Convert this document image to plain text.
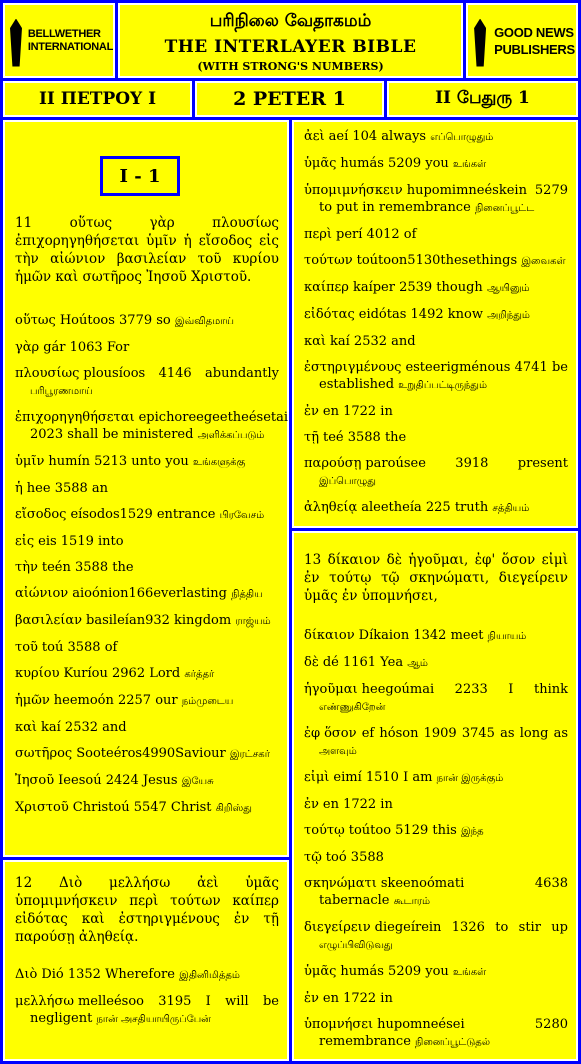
BELLWETHER
INTERNATIONAL
பரிநிலை வேதாகமம்
THE INTERLAYER BIBLE
(WITH STRONG'S NUMBERS)
GOOD NEWS
PUBLISHERS
II ΠΕΤΡΟΥ Ι	2 PETER 1	II பேதுரு 1
I - 1
11 οὕτως γὰρ πλουσίως ἐπιχορηγηθήσεται ὑμῖν ἡ εἴσοδος εἰς τὴν αἰώνιον βασιλείαν τοῦ κυρίου ἡμῶν καὶ σωτῆρος Ἰησοῦ Χριστοῦ.
οὕτως Hoútoos 3779 so இவ்விதமாய்
γὰρ gár 1063 For
πλουσίως plousíoos 4146 abundantly பரிபூரணமாய்
ἐπιχορηγηθήσεται epichoreegeetheésetai 2023 shall be ministered அளிக்கப்படும்
ὑμῖν humín 5213 unto you உங்களுக்கு
ἡ hee 3588 an
εἴσοδος eísodos1529 entrance பிரவேசம்
εἰς eis 1519 into
τὴν teén 3588 the
αἰώνιον aioónion166everlasting நித்திய
βασιλείαν basileían932 kingdom ராஜ்யம்
τοῦ toú 3588 of
κυρίου Kuríou 2962 Lord கர்த்தர்
ἡμῶν heemoón 2257 our நம்முடைய
καὶ kaí 2532 and
σωτῆρος Sooteéros4990Saviour இரட்சகர்
Ἰησοῦ Ieesoú 2424 Jesus இயேசு
Χριστοῦ Christoú 5547 Christ கிறிஸ்து
12 Διὸ μελλήσω ἀεὶ ὑμᾶς ὑπομιμνήσκειν περὶ τούτων καίπερ εἰδότας καὶ ἐστηριγμένους ἐν τῇ παρούσῃ ἀληθείᾳ.
Διὸ Dió 1352 Wherefore இதினிமித்தம்
μελλήσω melleésoo 3195 I will be negligent நான் அசதியாயிருப்பேன்
ἀεὶ aeí 104 always எப்பொழுதும்
ὑμᾶς humás 5209 you உங்கள்
ὑπομιμνήσκειν hupomimneéskein 5279 to put in remembrance நினைப்பூட்ட
περὶ perí 4012 of
τούτων toútoon5130thesethings இவைகள்
καίπερ kaíper 2539 though ஆயினும்
εἰδότας eidótas 1492 know அறிந்தும்
καὶ kaí 2532 and
ἐστηριγμένους esteerigménous 4741 be established உறுதிப்பட்டிருந்தும்
ἐν en 1722 in
τῇ teé 3588 the
παρούσῃ paroúsee 3918 present இப்பொழுது
ἀληθείᾳ aleetheía 225 truth சத்தியம்
13 δίκαιον δὲ ἡγοῦμαι, ἐφ' ὅσον εἰμὶ ἐν τούτῳ τῷ σκηνώματι, διεγείρειν ὑμᾶς ἐν ὑπομνήσει,
δίκαιον Díkaion 1342 meet நியாயம்
δὲ dé 1161 Yea ஆம்
ἡγοῦμαι heegoúmai 2233 I think எண்ணுகிறேன்
ἐφ ὅσον ef hóson 1909 3745 as long as அளவும்
εἰμὶ eimí 1510 I am நான் இருக்கும்
ἐν en 1722 in
τούτῳ toútoo 5129 this இந்த
τῷ toó 3588
σκηνώματι skeenoómati 4638 tabernacle கூடாரம்
διεγείρειν diegeírein 1326 to stir up எழுப்பிவிடுவது
ὑμᾶς humás 5209 you உங்கள்
ἐν en 1722 in
ὑπομνήσει hupomneései 5280 remembrance நினைப்பூட்டுதல்
